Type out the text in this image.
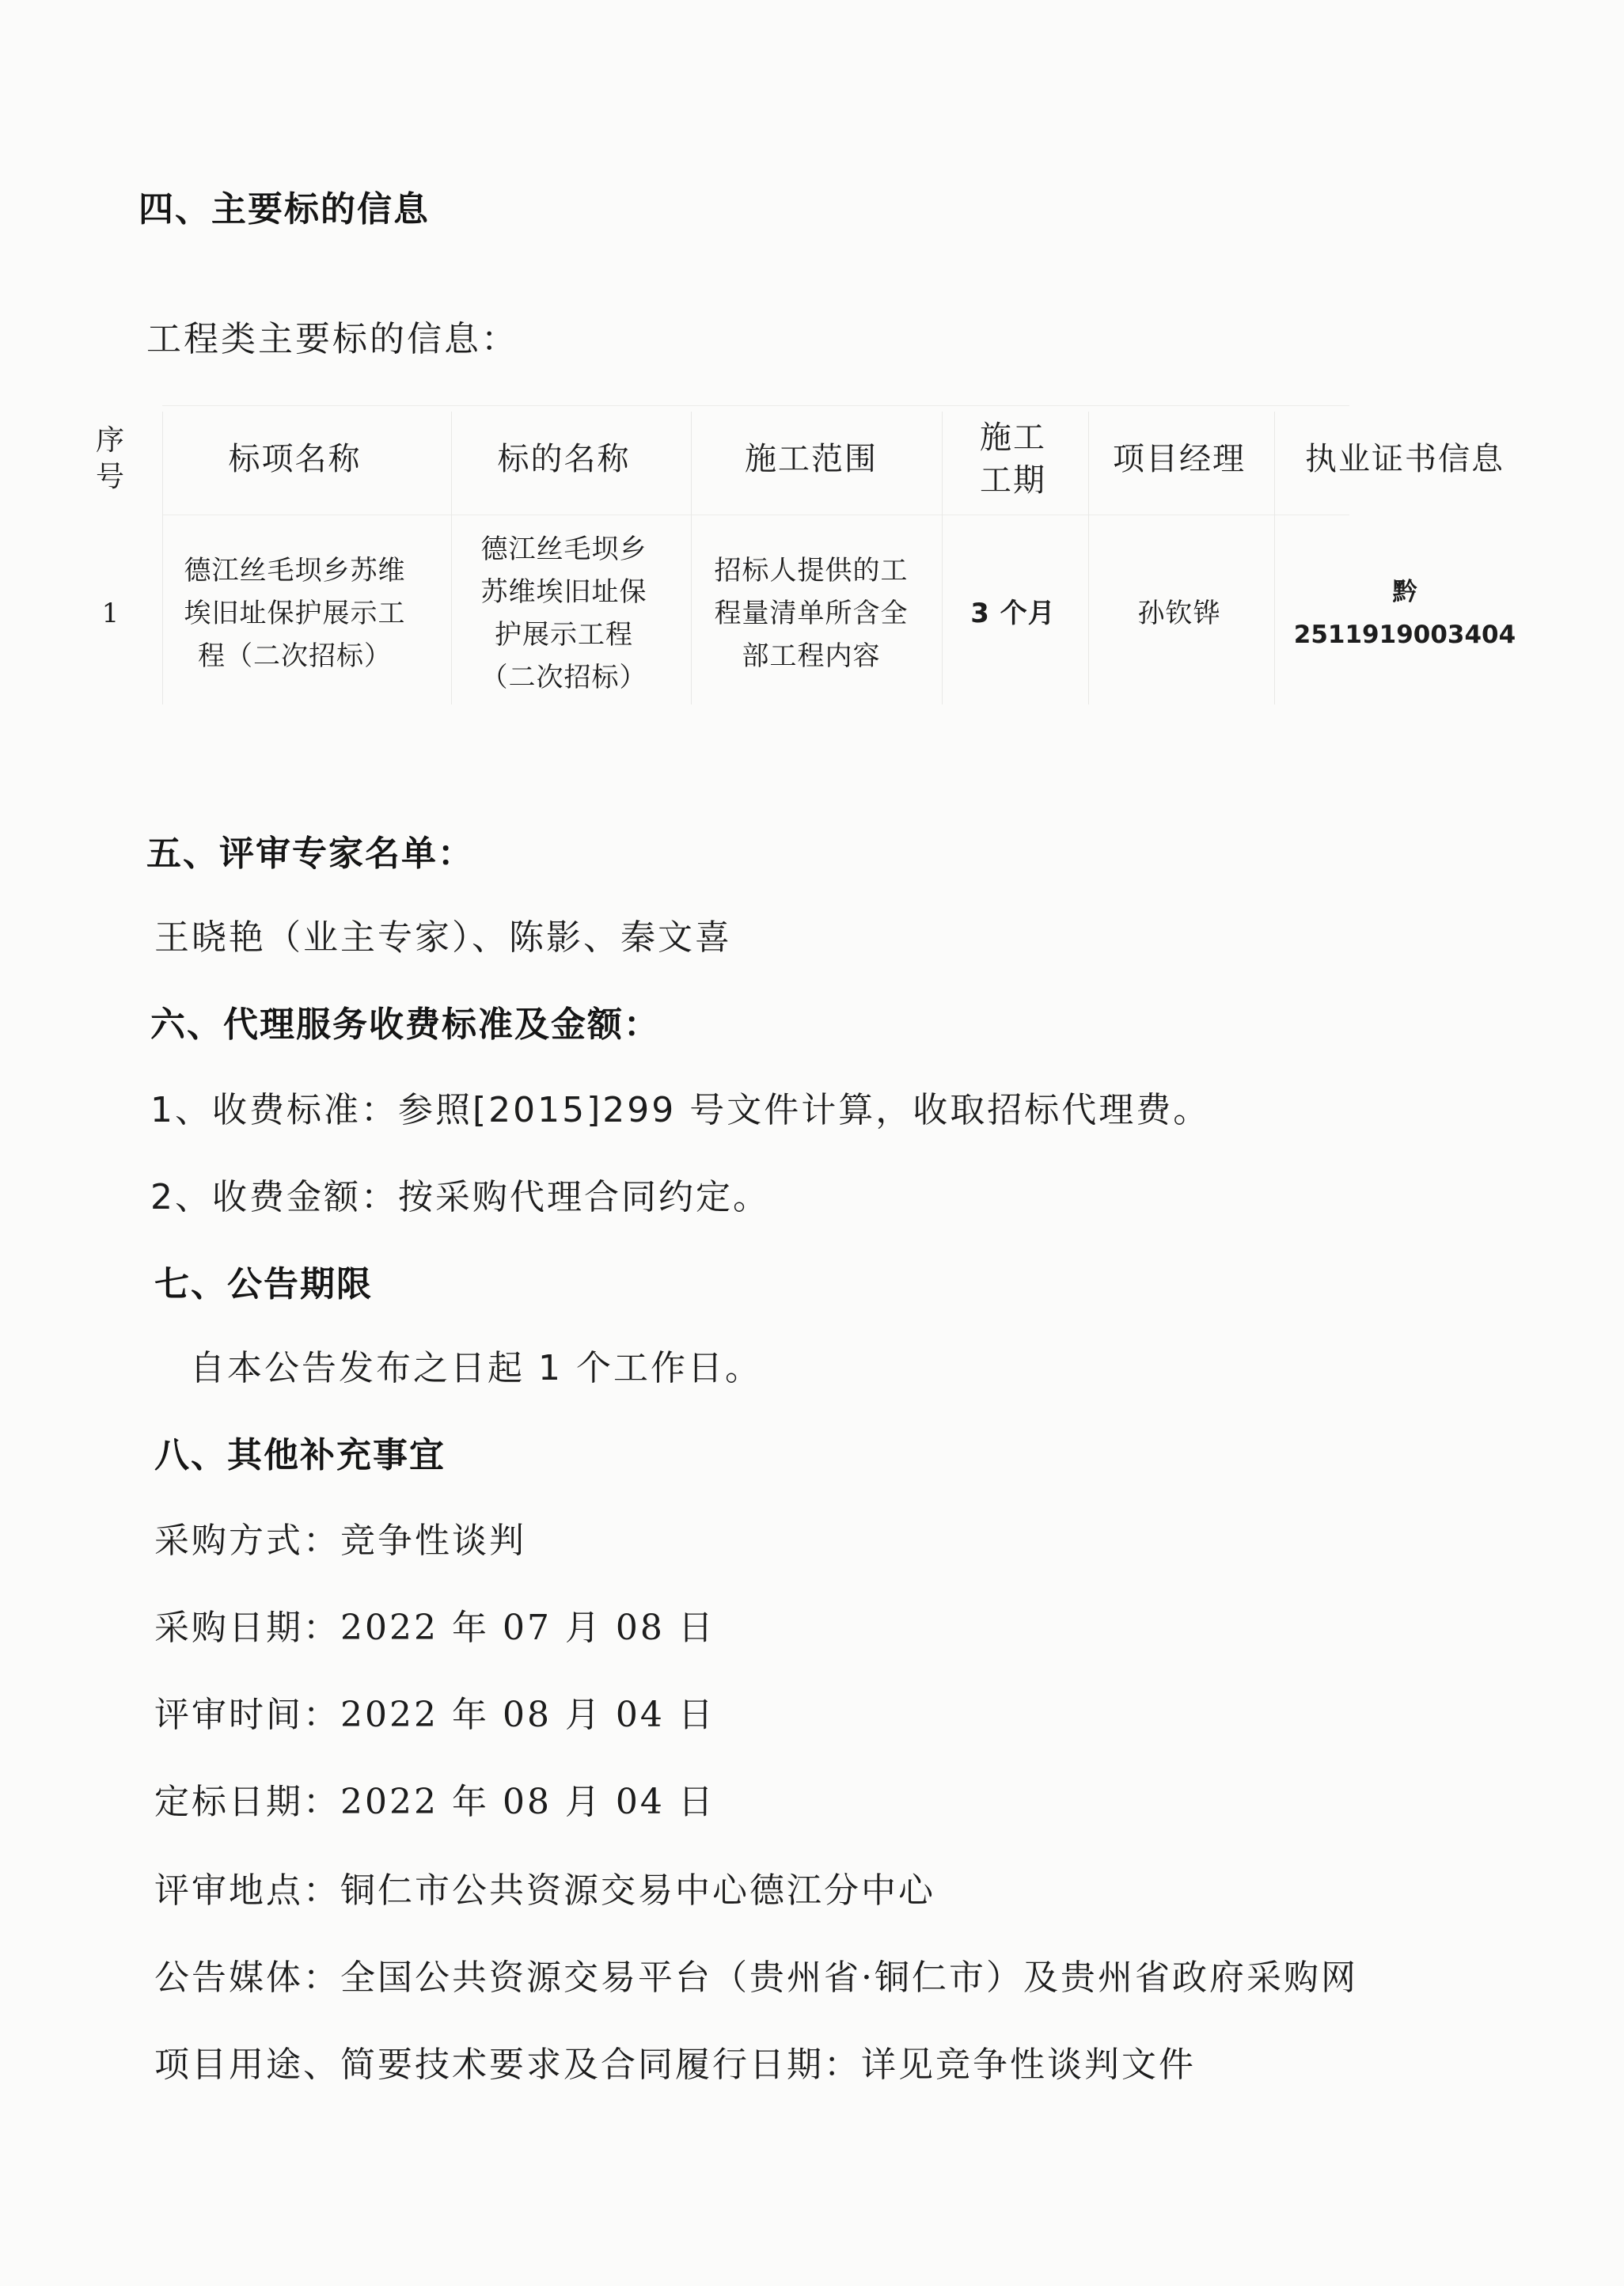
四、主要标的信息
工程类主要标的信息：
序号
1
标项名称
德江丝毛坝乡苏维埃旧址保护展示工程（二次招标）
标的名称
德江丝毛坝乡苏维埃旧址保护展示工程（二次招标）
施工范围
招标人提供的工程量清单所含全部工程内容
施工工期
3 个月
项目经理
孙钦铧
执业证书信息
黔 2511919003404
五、评审专家名单：
王晓艳（业主专家）、陈影、秦文喜
六、代理服务收费标准及金额：
1、收费标准：参照[2015]299 号文件计算，收取招标代理费。
2、收费金额：按采购代理合同约定。
七、公告期限
自本公告发布之日起 1 个工作日。
八、其他补充事宜
采购方式：竞争性谈判
采购日期：2022 年 07 月 08 日
评审时间：2022 年 08 月 04 日
定标日期：2022 年 08 月 04 日
评审地点：铜仁市公共资源交易中心德江分中心
公告媒体：全国公共资源交易平台（贵州省·铜仁市）及贵州省政府采购网
项目用途、简要技术要求及合同履行日期：详见竞争性谈判文件
